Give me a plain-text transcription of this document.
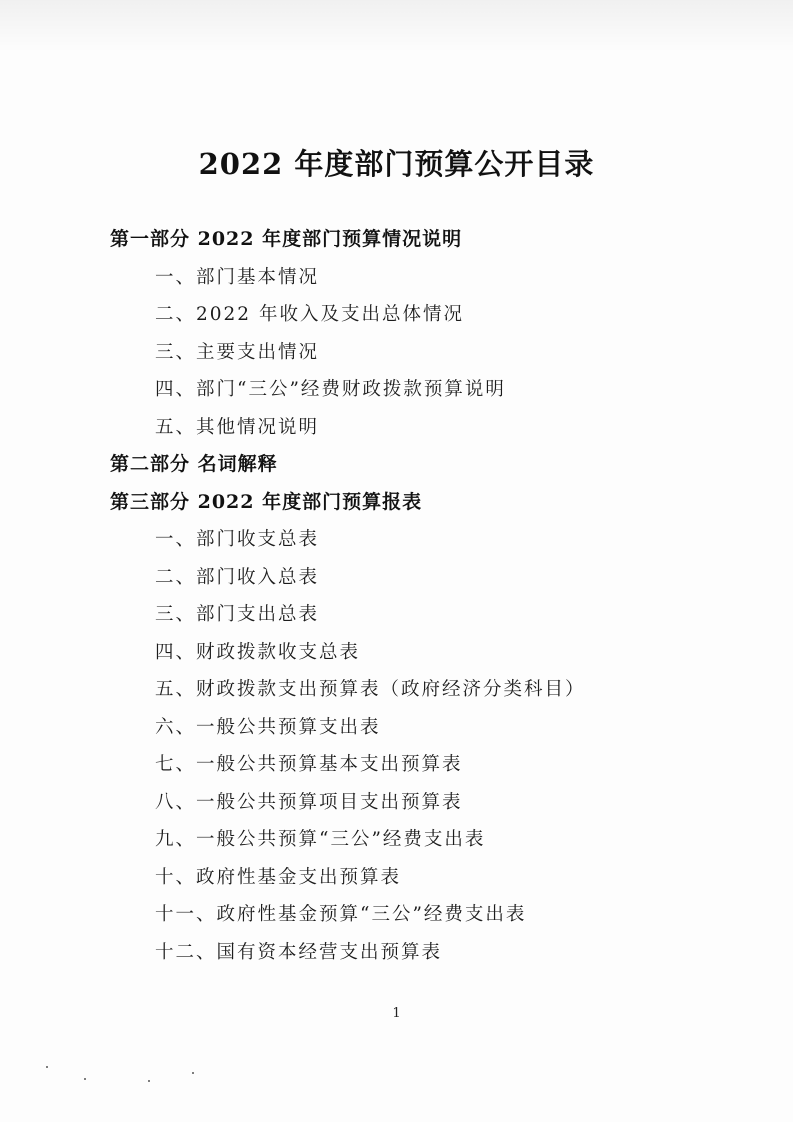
2022 年度部门预算公开目录
第一部分 2022 年度部门预算情况说明
一、部门基本情况
二、2022 年收入及支出总体情况
三、主要支出情况
四、部门“三公”经费财政拨款预算说明
五、其他情况说明
第二部分 名词解释
第三部分 2022 年度部门预算报表
一、部门收支总表
二、部门收入总表
三、部门支出总表
四、财政拨款收支总表
五、财政拨款支出预算表（政府经济分类科目）
六、一般公共预算支出表
七、一般公共预算基本支出预算表
八、一般公共预算项目支出预算表
九、一般公共预算“三公”经费支出表
十、政府性基金支出预算表
十一、政府性基金预算“三公”经费支出表
十二、国有资本经营支出预算表
1
